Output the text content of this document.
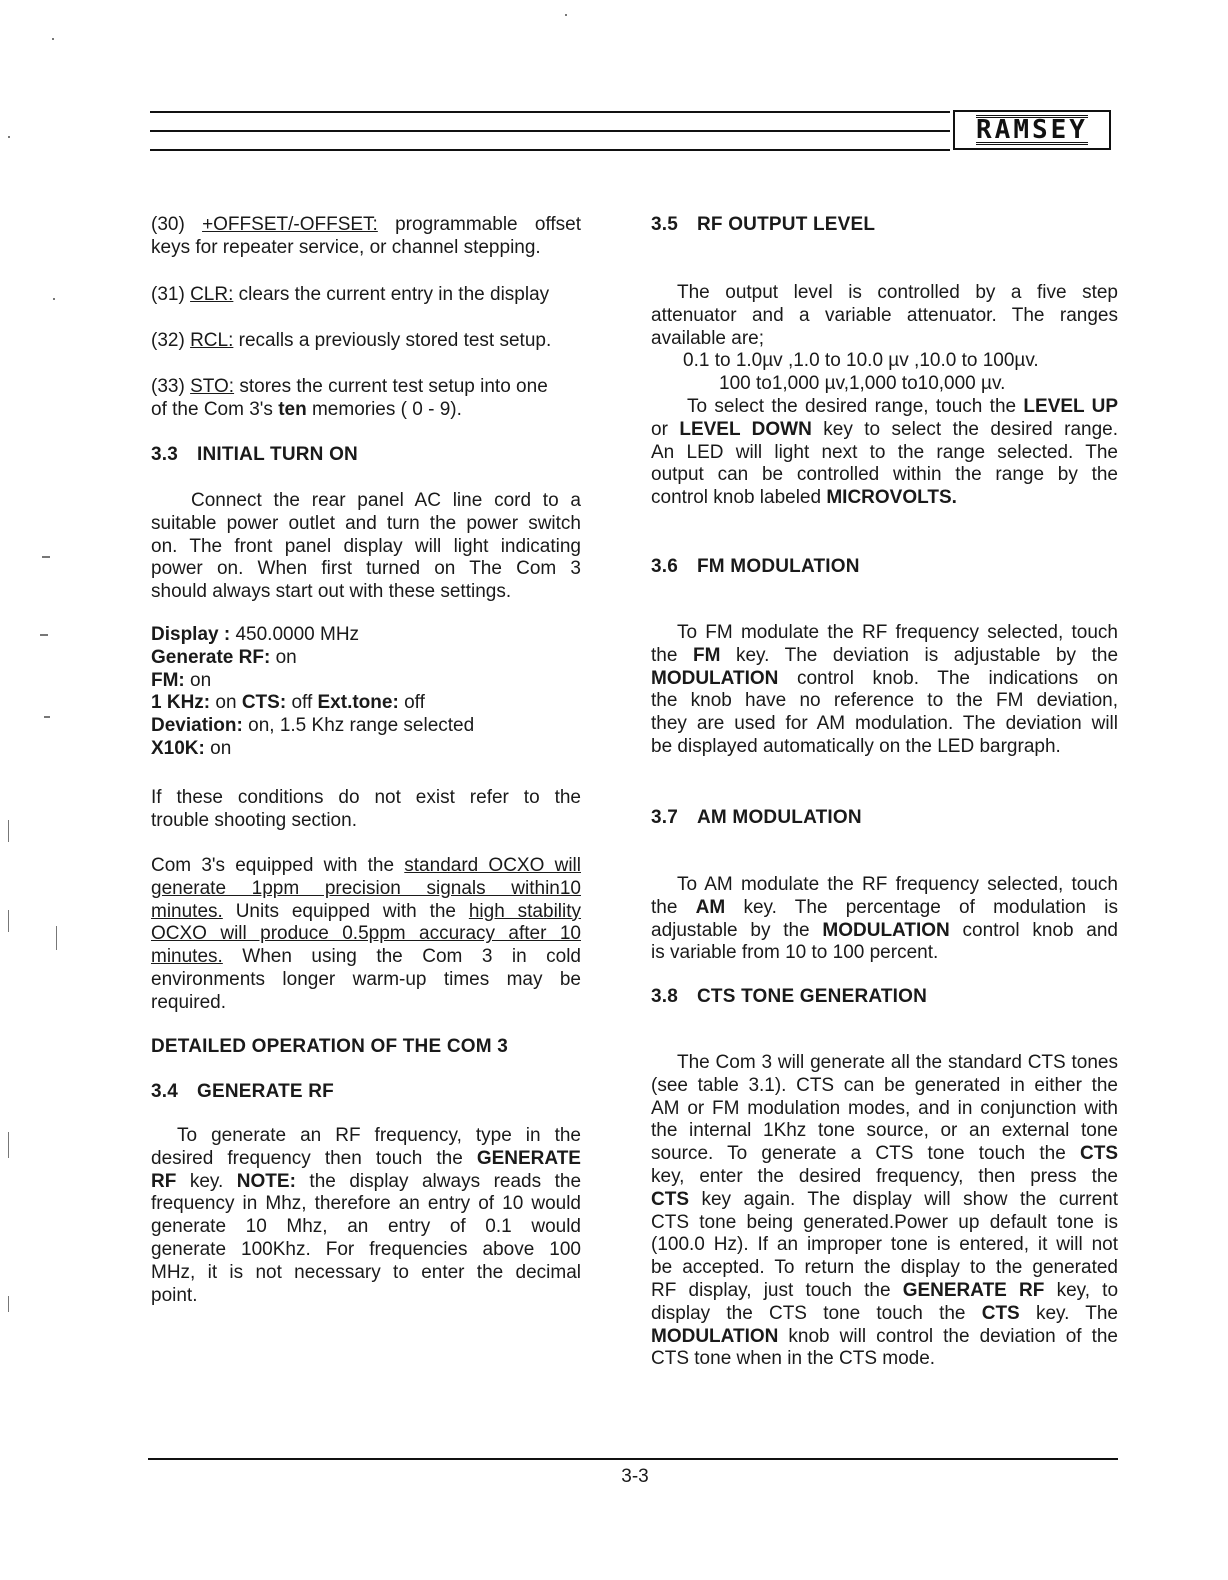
RAMSEY
(30) +OFFSET/-OFFSET: programmable offset
keys for repeater service, or channel stepping.
(31) CLR: clears the current entry in the display
(32) RCL: recalls a previously stored test setup.
(33) STO: stores the current test setup into one
of the Com 3's ten memories ( 0 - 9).
3.3 INITIAL TURN ON
Connect the rear panel AC line cord to a
suitable power outlet and turn the power switch
on. The front panel display will light indicating
power on. When first turned on The Com 3
should always start out with these settings.
Display : 450.0000 MHz
Generate RF: on
FM: on
1 KHz: on CTS: off Ext.tone: off
Deviation: on, 1.5 Khz range selected
X10K: on
If these conditions do not exist refer to the
trouble shooting section.
Com 3's equipped with the standard OCXO will
generate 1ppm precision signals within10
minutes. Units equipped with the high stability
OCXO will produce 0.5ppm accuracy after 10
minutes. When using the Com 3 in cold
environments longer warm-up times may be
required.
DETAILED OPERATION OF THE COM 3
3.4 GENERATE RF
To generate an RF frequency, type in the
desired frequency then touch the GENERATE
RF key. NOTE: the display always reads the
frequency in Mhz, therefore an entry of 10 would
generate 10 Mhz, an entry of 0.1 would
generate 100Khz. For frequencies above 100
MHz, it is not necessary to enter the decimal
point.
3.5 RF OUTPUT LEVEL
The output level is controlled by a five step
attenuator and a variable attenuator. The ranges
available are;
0.1 to 1.0µv ,1.0 to 10.0 µv ,10.0 to 100µv.
100 to1,000 µv,1,000 to10,000 µv.
To select the desired range, touch the LEVEL UP
or LEVEL DOWN key to select the desired range.
An LED will light next to the range selected. The
output can be controlled within the range by the
control knob labeled MICROVOLTS.
3.6 FM MODULATION
To FM modulate the RF frequency selected, touch
the FM key. The deviation is adjustable by the
MODULATION control knob. The indications on
the knob have no reference to the FM deviation,
they are used for AM modulation. The deviation will
be displayed automatically on the LED bargraph.
3.7 AM MODULATION
To AM modulate the RF frequency selected, touch
the AM key. The percentage of modulation is
adjustable by the MODULATION control knob and
is variable from 10 to 100 percent.
3.8 CTS TONE GENERATION
The Com 3 will generate all the standard CTS tones
(see table 3.1). CTS can be generated in either the
AM or FM modulation modes, and in conjunction with
the internal 1Khz tone source, or an external tone
source. To generate a CTS tone touch the CTS
key, enter the desired frequency, then press the
CTS key again. The display will show the current
CTS tone being generated.Power up default tone is
(100.0 Hz). If an improper tone is entered, it will not
be accepted. To return the display to the generated
RF display, just touch the GENERATE RF key, to
display the CTS tone touch the CTS key. The
MODULATION knob will control the deviation of the
CTS tone when in the CTS mode.
3-3
